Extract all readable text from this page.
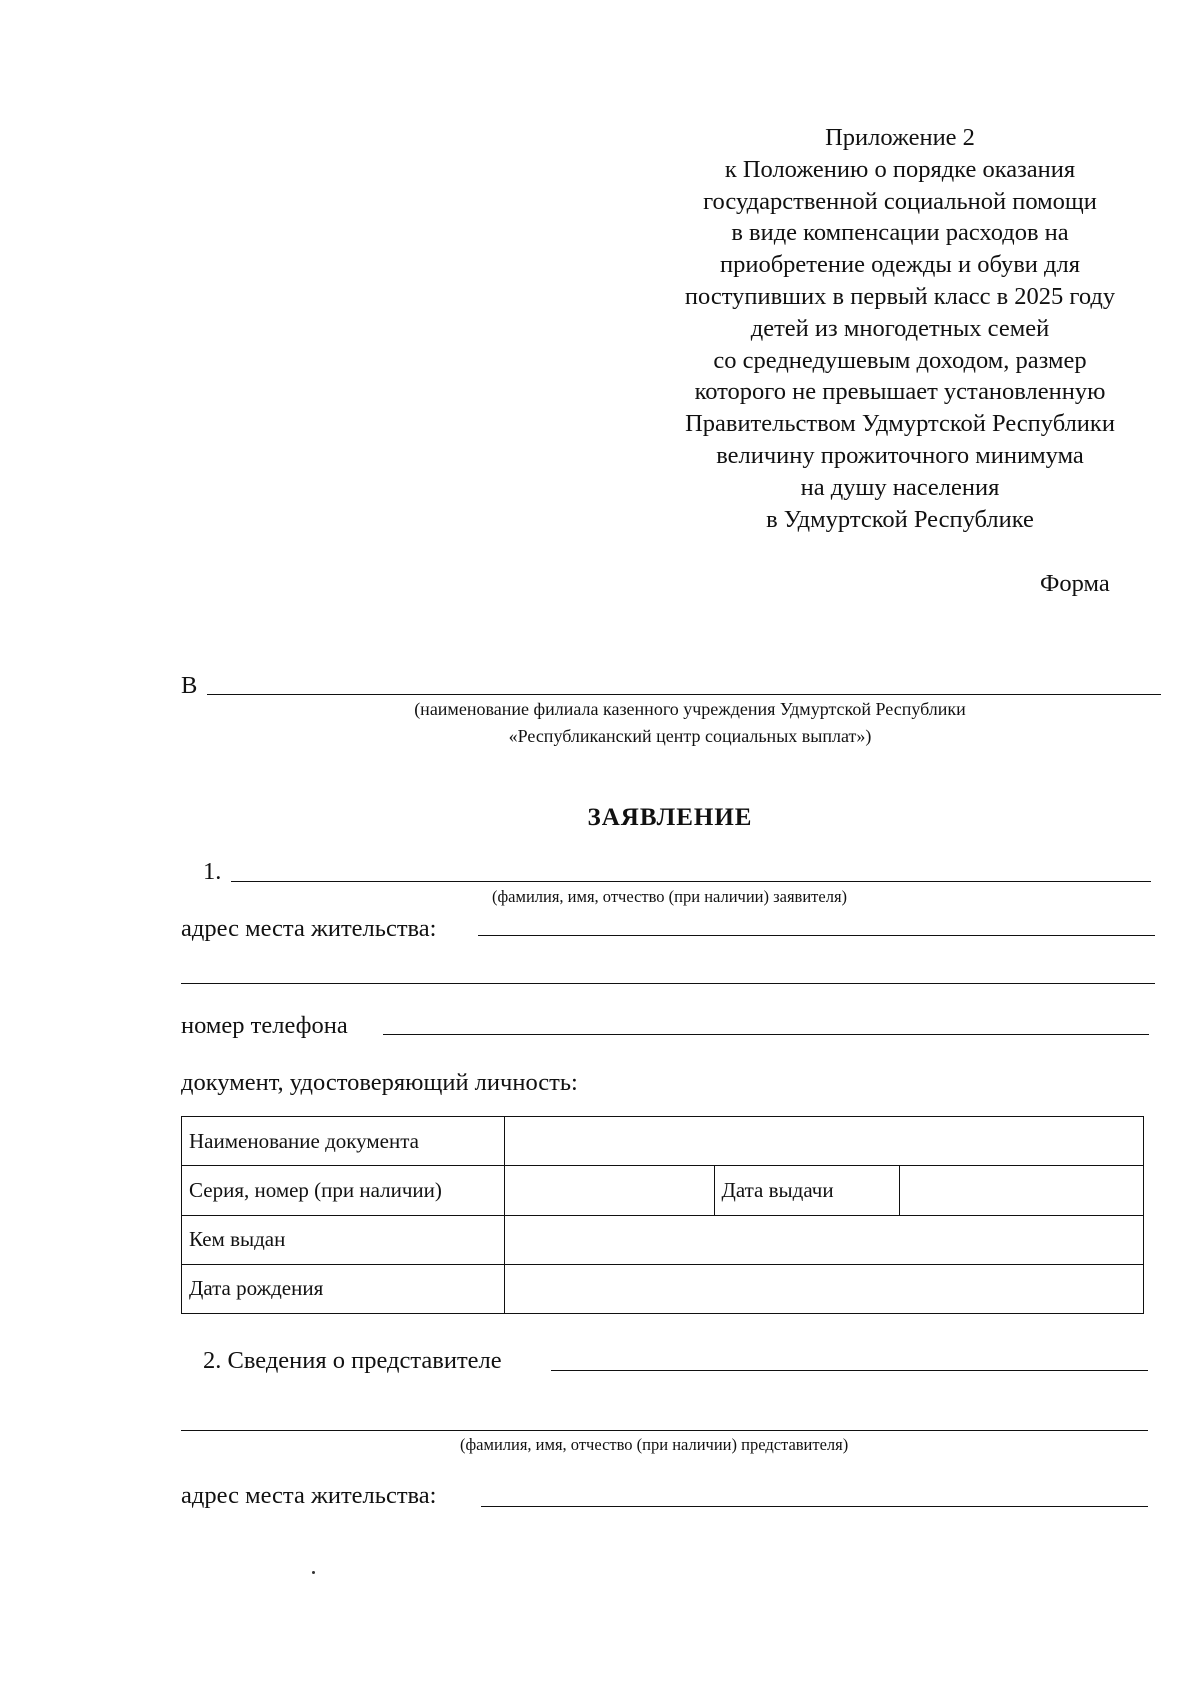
Приложение 2
к Положению о порядке оказания
государственной социальной помощи
в виде компенсации расходов на
приобретение одежды и обуви для
поступивших в первый класс в 2025 году
детей из многодетных семей
со среднедушевым доходом, размер
которого не превышает установленную
Правительством Удмуртской Республики
величину прожиточного минимума
на душу населения
в Удмуртской Республике
Форма
В
(наименование филиала казенного учреждения Удмуртской Республики
«Республиканский центр социальных выплат»)
ЗАЯВЛЕНИЕ
1.
(фамилия, имя, отчество (при наличии) заявителя)
адрес места жительства:
номер телефона
документ, удостоверяющий личность:
Наименование документа			
Серия, номер (при наличии)		Дата выдачи	
Кем выдан			
Дата рождения			
2. Сведения о представителе
(фамилия, имя, отчество (при наличии) представителя)
адрес места жительства:
